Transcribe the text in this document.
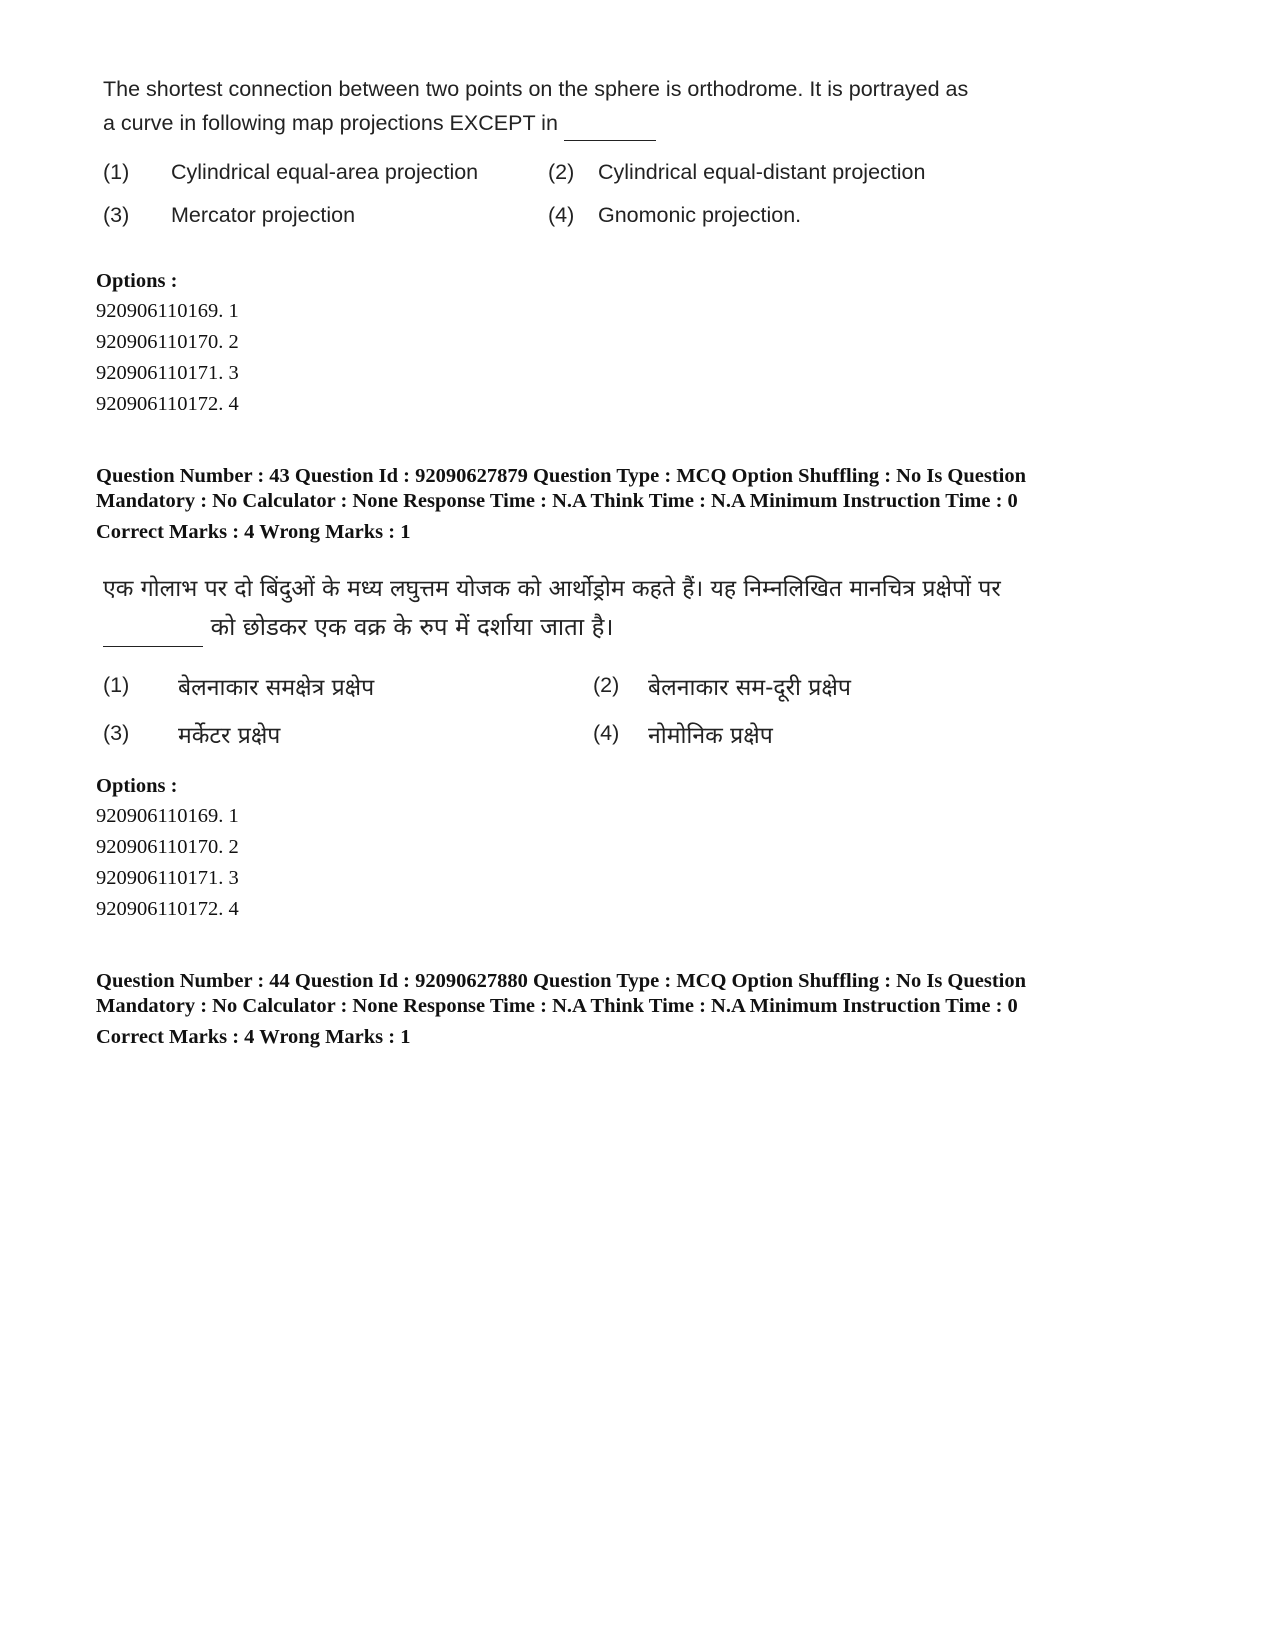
The shortest connection between two points on the sphere is orthodrome. It is portrayed as
a curve in following map projections EXCEPT in
(1) Cylindrical equal-area projection	(2) Cylindrical equal-distant projection
(3) Mercator projection	(4) Gnomonic projection.
Options :
920906110169. 1
920906110170. 2
920906110171. 3
920906110172. 4
Question Number : 43 Question Id : 92090627879 Question Type : MCQ Option Shuffling : No Is Question
Mandatory : No Calculator : None Response Time : N.A Think Time : N.A Minimum Instruction Time : 0
Correct Marks : 4 Wrong Marks : 1
एक गोलाभ पर दो बिंदुओं के मध्य लघुत्तम योजक को आर्थोड्रोम कहते हैं। यह निम्नलिखित मानचित्र प्रक्षेपों पर
को छोडकर एक वक्र के रुप में दर्शाया जाता है।
(1) बेलनाकार समक्षेत्र प्रक्षेप	(2) बेलनाकार सम-दूरी प्रक्षेप
(3) मर्केटर प्रक्षेप	(4) नोमोनिक प्रक्षेप
Options :
920906110169. 1
920906110170. 2
920906110171. 3
920906110172. 4
Question Number : 44 Question Id : 92090627880 Question Type : MCQ Option Shuffling : No Is Question
Mandatory : No Calculator : None Response Time : N.A Think Time : N.A Minimum Instruction Time : 0
Correct Marks : 4 Wrong Marks : 1
